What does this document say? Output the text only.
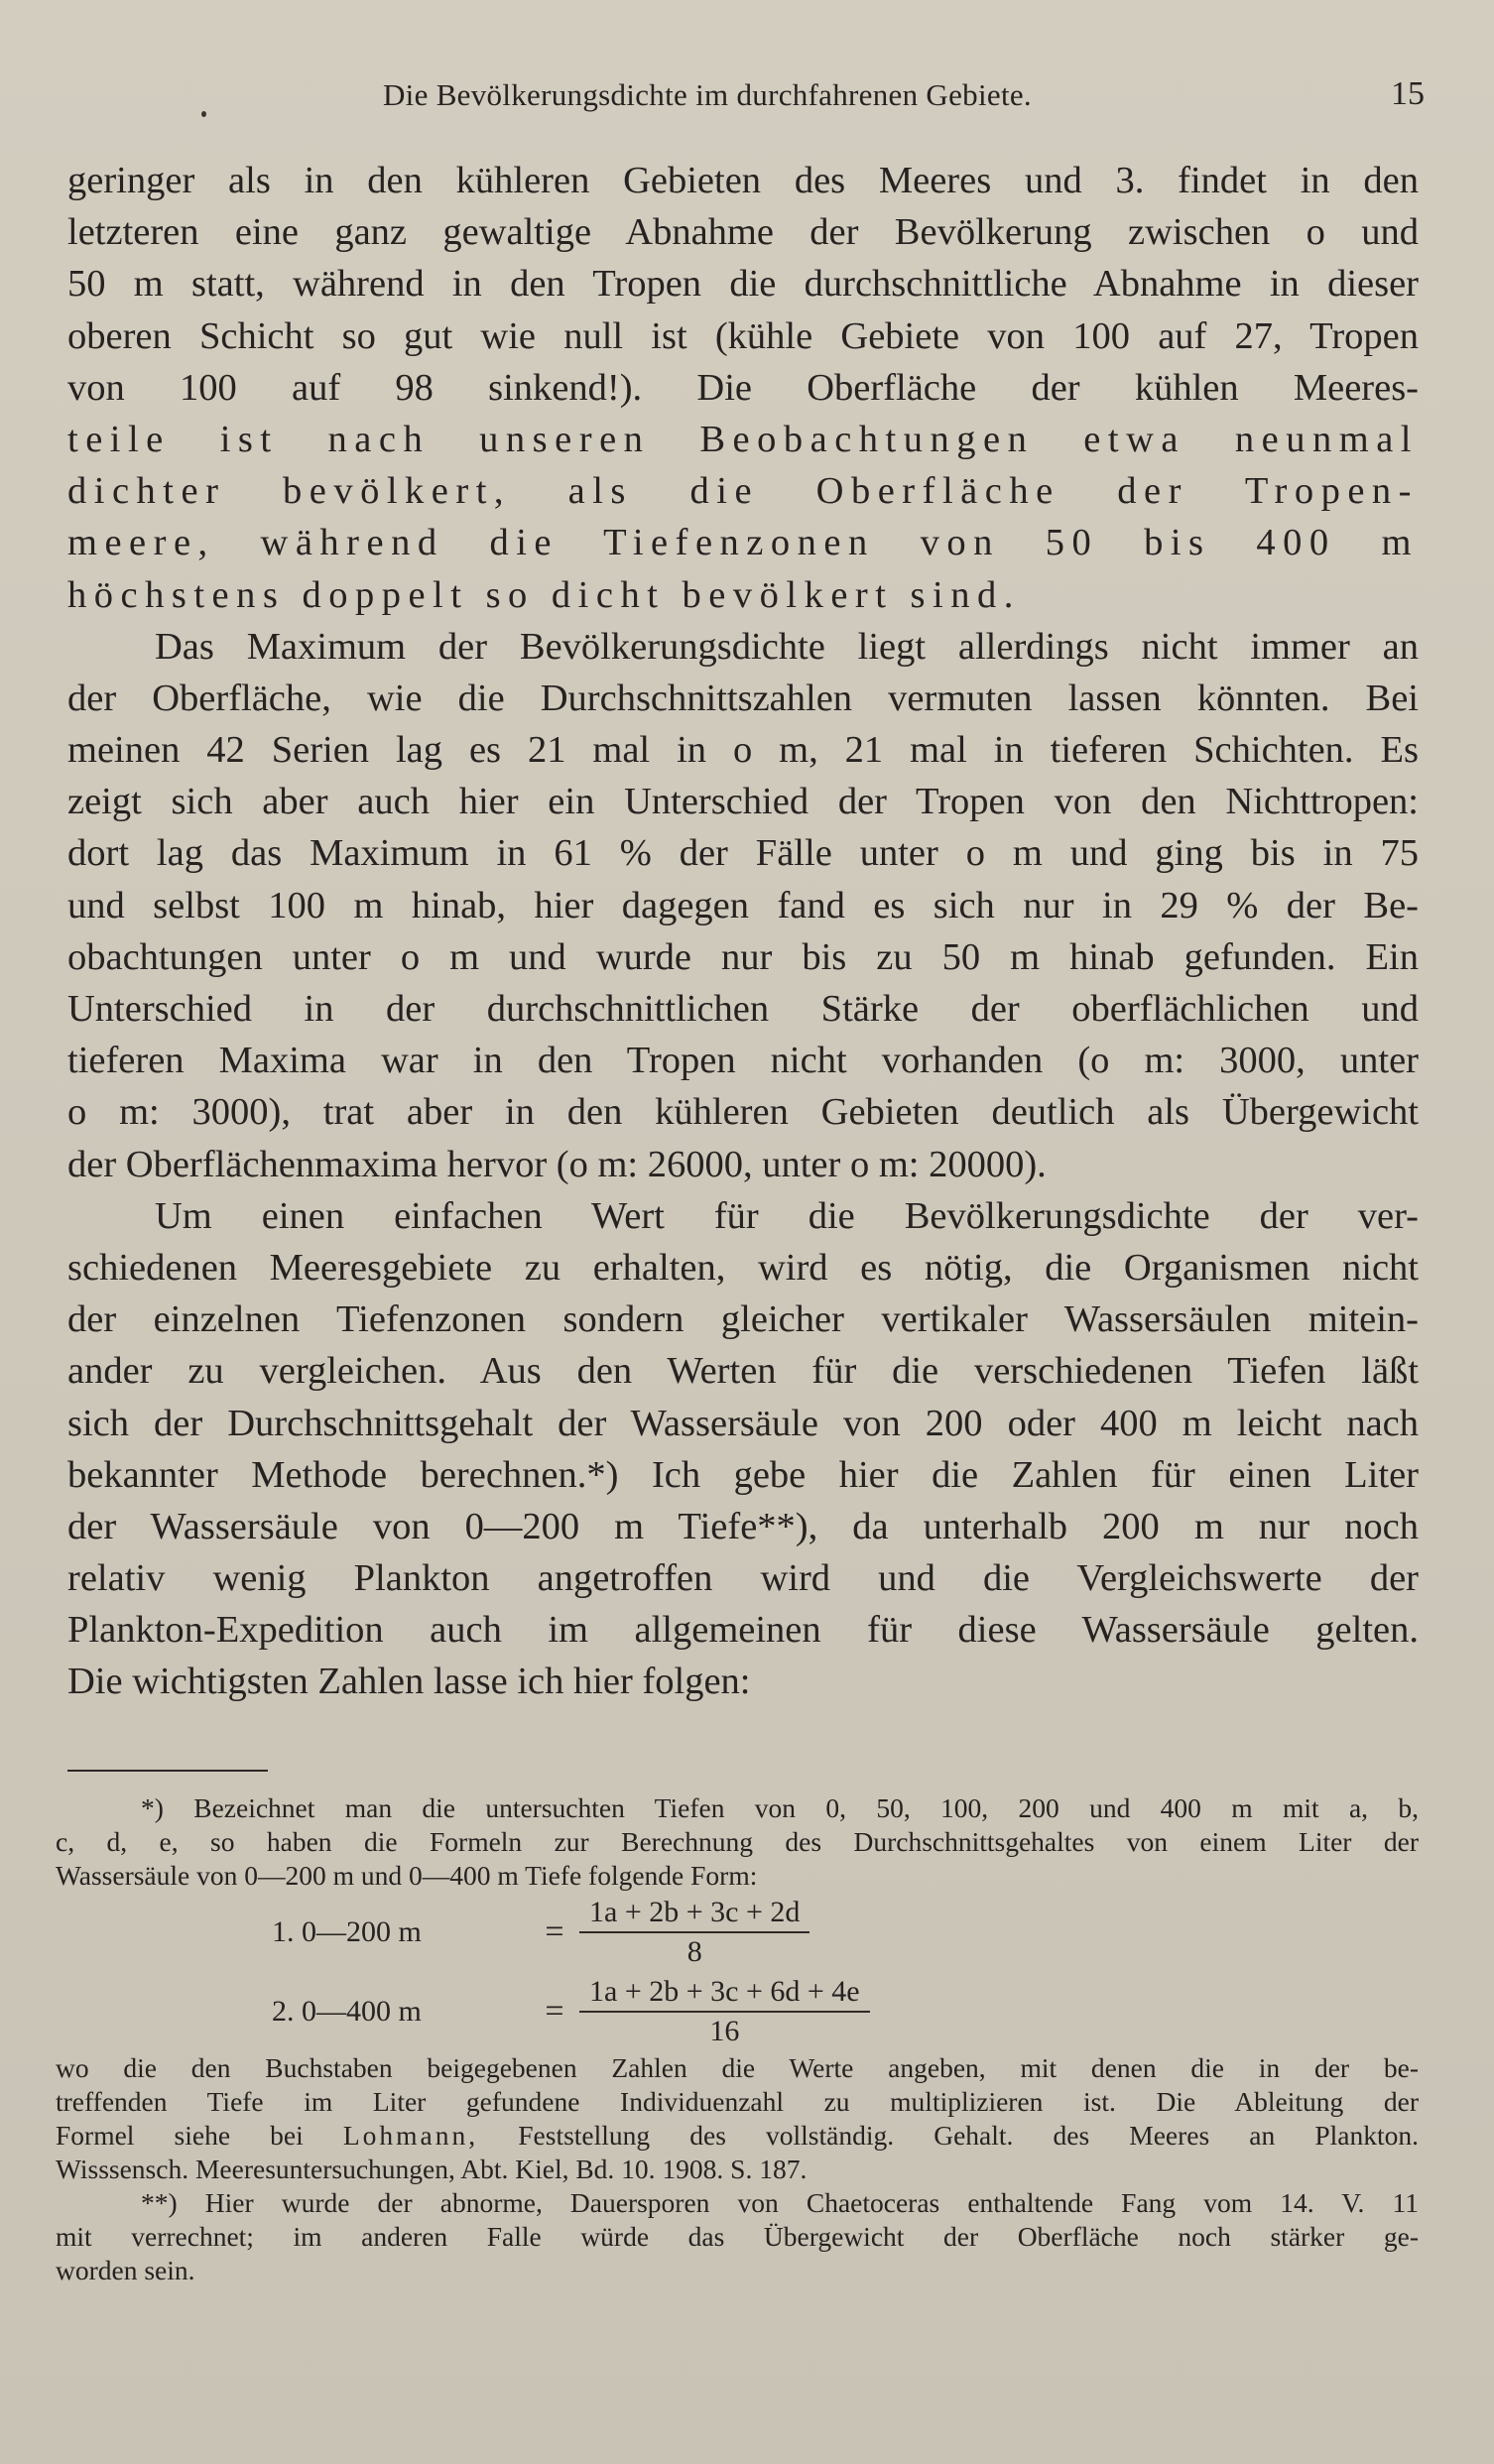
Die Bevölkerungsdichte im durchfahrenen Gebiete.	15
geringer als in den kühleren Gebieten des Meeres und 3. findet in den
letzteren eine ganz gewaltige Abnahme der Bevölkerung zwischen o und
50 m statt, während in den Tropen die durchschnittliche Abnahme in dieser
oberen Schicht so gut wie null ist (kühle Gebiete von 100 auf 27, Tropen
von 100 auf 98 sinkend!). Die Oberfläche der kühlen Meeres-
teile ist nach unseren Beobachtungen etwa neunmal
dichter bevölkert, als die Oberfläche der Tropen-
meere, während die Tiefenzonen von 50 bis 400 m
höchstens doppelt so dicht bevölkert sind.
Das Maximum der Bevölkerungsdichte liegt allerdings nicht immer an
der Oberfläche, wie die Durchschnittszahlen vermuten lassen könnten. Bei
meinen 42 Serien lag es 21 mal in o m, 21 mal in tieferen Schichten. Es
zeigt sich aber auch hier ein Unterschied der Tropen von den Nichttropen:
dort lag das Maximum in 61 % der Fälle unter o m und ging bis in 75
und selbst 100 m hinab, hier dagegen fand es sich nur in 29 % der Be-
obachtungen unter o m und wurde nur bis zu 50 m hinab gefunden. Ein
Unterschied in der durchschnittlichen Stärke der oberflächlichen und
tieferen Maxima war in den Tropen nicht vorhanden (o m: 3000, unter
o m: 3000), trat aber in den kühleren Gebieten deutlich als Übergewicht
der Oberflächenmaxima hervor (o m: 26000, unter o m: 20000).
Um einen einfachen Wert für die Bevölkerungsdichte der ver-
schiedenen Meeresgebiete zu erhalten, wird es nötig, die Organismen nicht
der einzelnen Tiefenzonen sondern gleicher vertikaler Wassersäulen mitein-
ander zu vergleichen. Aus den Werten für die verschiedenen Tiefen läßt
sich der Durchschnittsgehalt der Wassersäule von 200 oder 400 m leicht nach
bekannter Methode berechnen.*) Ich gebe hier die Zahlen für einen Liter
der Wassersäule von 0—200 m Tiefe**), da unterhalb 200 m nur noch
relativ wenig Plankton angetroffen wird und die Vergleichswerte der
Plankton-Expedition auch im allgemeinen für diese Wassersäule gelten.
Die wichtigsten Zahlen lasse ich hier folgen:
*) Bezeichnet man die untersuchten Tiefen von 0, 50, 100, 200 und 400 m mit a, b,
c, d, e, so haben die Formeln zur Berechnung des Durchschnittsgehaltes von einem Liter der
Wassersäule von 0—200 m und 0—400 m Tiefe folgende Form:
1. 0—200 m	= $\frac{1a + 2b + 3c + 2d}{8}$
2. 0—400 m	= $\frac{1a + 2b + 3c + 6d + 4e}{16}$
wo die den Buchstaben beigegebenen Zahlen die Werte angeben, mit denen die in der be-
treffenden Tiefe im Liter gefundene Individuenzahl zu multiplizieren ist. Die Ableitung der
Formel siehe bei Lohmann, Feststellung des vollständig. Gehalt. des Meeres an Plankton.
Wisssensch. Meeresuntersuchungen, Abt. Kiel, Bd. 10. 1908. S. 187.
**) Hier wurde der abnorme, Dauersporen von Chaetoceras enthaltende Fang vom 14. V. 11
mit verrechnet; im anderen Falle würde das Übergewicht der Oberfläche noch stärker ge-
worden sein.
